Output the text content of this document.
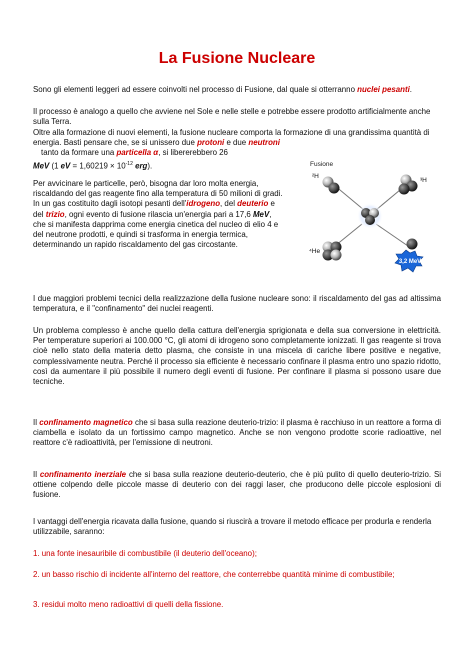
La Fusione Nucleare

Sono gli elementi leggeri ad essere coinvolti nel processo di Fusione, dal quale si otterranno nuclei pesanti.

Il processo è analogo a quello che avviene nel Sole e nelle stelle e potrebbe essere prodotto artificialmente anche sulla Terra.

Oltre alla formazione di nuovi elementi, la fusione nucleare comporta la formazione di una grandissima quantità di energia. Basti pensare che, se si unissero due protoni e due neutroni
tanto da formare una particella α, si libererebbero 26
MeV (1 eV = $1,60219 \times 10^{-12}$ erg).

Per avvicinare le particelle, però, bisogna dar loro molta energia, riscaldando del gas reagente fino alla temperatura di 50 milioni di gradi. In un gas costituito dagli isotopi pesanti dell'idrogeno, del deuterio e del trizio, ogni evento di fusione rilascia un'energia pari a 17,6 MeV, che si manifesta dapprima come energia cinetica del nucleo di elio 4 e del neutrone prodotti, e quindi si trasforma in energia termica, determinando un rapido riscaldamento del gas circostante.

Fusione
²H
³H
⁴He
3,2 MeV

I due maggiori problemi tecnici della realizzazione della fusione nucleare sono: il riscaldamento del gas ad altissima temperatura, e il "confinamento" dei nuclei reagenti.

Un problema complesso è anche quello della cattura dell'energia sprigionata e della sua conversione in elettricità. Per temperature superiori ai 100.000 °C, gli atomi di idrogeno sono completamente ionizzati. Il gas reagente si trova cioè nello stato della materia detto plasma, che consiste in una miscela di cariche libere positive e negative, complessivamente neutra. Perché il processo sia efficiente è necessario confinare il plasma entro uno spazio ridotto, così da aumentare il più possibile il numero degli eventi di fusione. Per confinare il plasma si possono usare due tecniche.

Il confinamento magnetico che si basa sulla reazione deuterio-trizio: il plasma è racchiuso in un reattore a forma di ciambella e isolato da un fortissimo campo magnetico. Anche se non vengono prodotte scorie radioattive, nel reattore c'è radioattività, per l'emissione di neutroni.

Il confinamento inerziale che si basa sulla reazione deuterio-deuterio, che è più pulito di quello deuterio-trizio. Si ottiene colpendo delle piccole masse di deuterio con dei raggi laser, che producono delle piccole esplosioni di fusione.

I vantaggi dell'energia ricavata dalla fusione, quando si riuscirà a trovare il metodo efficace per produrla e renderla utilizzabile, saranno:

1. una fonte inesauribile di combustibile (il deuterio dell'oceano);

2. un basso rischio di incidente all'interno del reattore, che conterrebbe quantità minime di combustibile;

3. residui molto meno radioattivi di quelli della fissione.
